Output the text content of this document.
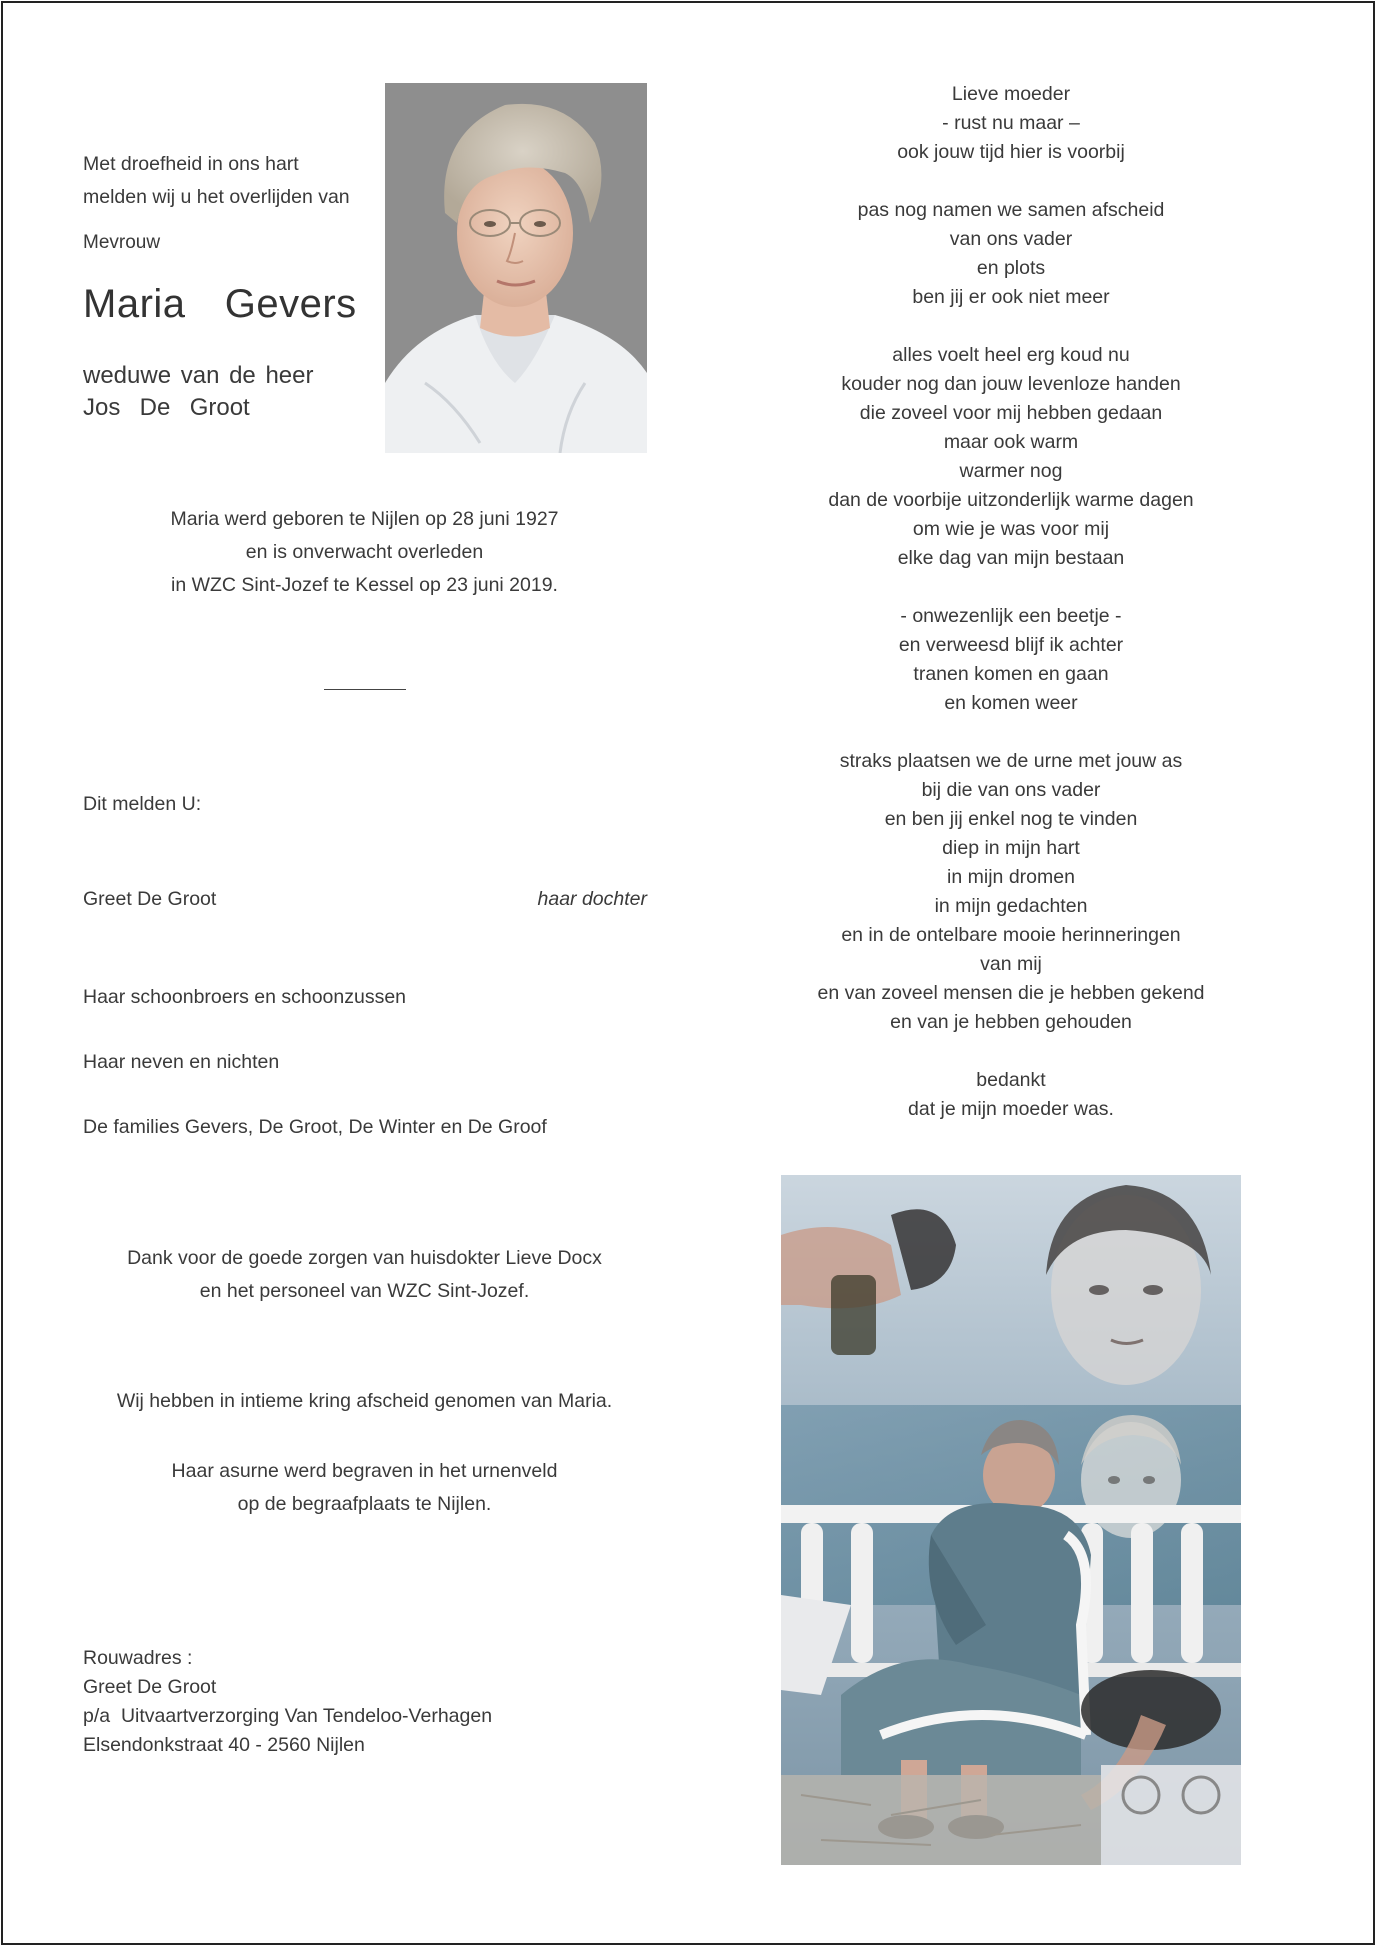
Met droefheid in ons hart
melden wij u het overlijden van
Mevrouw
Maria  Gevers
weduwe van de heer
Jos  De  Groot
Maria werd geboren te Nijlen op 28 juni 1927
en is onverwacht overleden
in WZC Sint-Jozef te Kessel op 23 juni 2019.
Dit melden U:
Greet De Groot	haar dochter
Haar schoonbroers en schoonzussen
Haar neven en nichten
De families Gevers, De Groot, De Winter en De Groof
Dank voor de goede zorgen van huisdokter Lieve Docx
en het personeel van WZC Sint-Jozef.
Wij hebben in intieme kring afscheid genomen van Maria.
Haar asurne werd begraven in het urnenveld
op de begraafplaats te Nijlen.
Rouwadres :
Greet De Groot
p/a  Uitvaartverzorging Van Tendeloo-Verhagen
Elsendonkstraat 40 - 2560 Nijlen
Lieve moeder
- rust nu maar –
ook jouw tijd hier is voorbij
pas nog namen we samen afscheid
van ons vader
en plots
ben jij er ook niet meer
alles voelt heel erg koud nu
kouder nog dan jouw levenloze handen
die zoveel voor mij hebben gedaan
maar ook warm
warmer nog
dan de voorbije uitzonderlijk warme dagen
om wie je was voor mij
elke dag van mijn bestaan
- onwezenlijk een beetje -
en verweesd blijf ik achter
tranen komen en gaan
en komen weer
straks plaatsen we de urne met jouw as
bij die van ons vader
en ben jij enkel nog te vinden
diep in mijn hart
in mijn dromen
in mijn gedachten
en in de ontelbare mooie herinneringen
van mij
en van zoveel mensen die je hebben gekend
en van je hebben gehouden
bedankt
dat je mijn moeder was.
